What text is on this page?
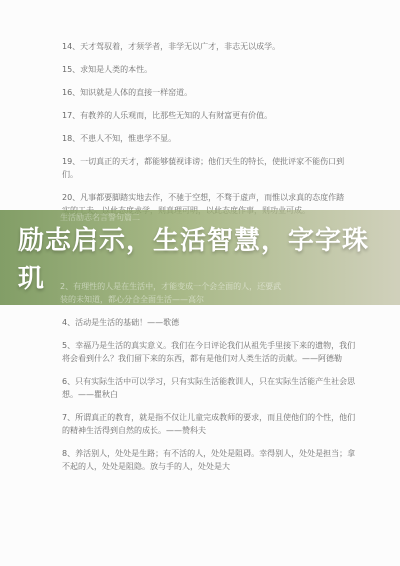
14、天才驾驭着，才须学者，非学无以广才，非志无以成学。
15、求知是人类的本性。
16、知识就是人体的直接一样窑道。
17、有教养的人乐观而，比那些无知的人有财富更有价值。
18、不患人不知，惟患学不显。
19、一切真正的天才，都能够藐视诽谤；他们天生的特长，使批评家不能伤口到们。
20、凡事都要脚踏实地去作，不驰于空想，不骛于虚声，而惟以求真的态度作踏
生活励志名言警句篇二
励志启示，生活智慧，字字珠玑	2、有理性的人是在生活中，才能变成一个会全面的人，还要武
装的未知道，都心分合全面生活——高尔
4、活动是生活的基础！——歌德
5、幸福乃是生活的真实意义。我们在今日评论我们从祖先手里接下来的遗物，我们将会看到什么？我们留下来的东西，都有是他们对人类生活的贡献。——阿德勒
6、只有实际生活中可以学习，只有实际生活能教训人，只在实际生活能产生社会思想。——瞿秋白
7、所谓真正的教育，就是指不仅让儿童完成教师的要求，而且使他们的个性，他们的精神生活得到自然的成长。——赞科夫
8、养活别人，处处是生路；有不活的人，处处是阻碍。幸得别人，处处是担当；拿不起的人，处处是阻隐。放与手的人，处处是大
